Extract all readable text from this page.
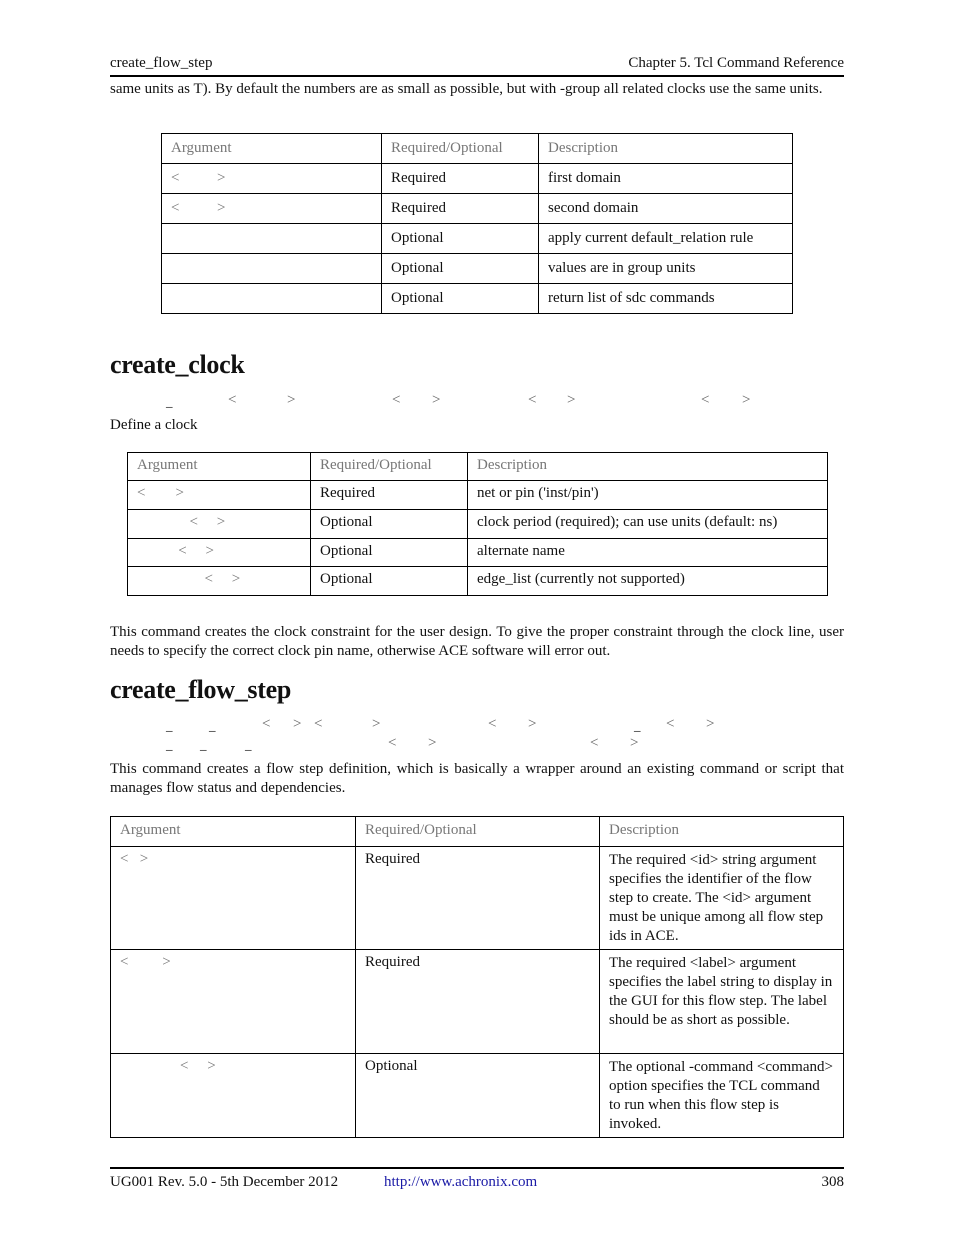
create_flow_step	Chapter 5. Tcl Command Reference
same units as T). By default the numbers are as small as possible, but with -group all related clocks use the same units.
Argument	Required/Optional	Description
<          >	Required	first domain
<          >	Required	second domain
	Optional	apply current default_relation rule
	Optional	values are in group units
	Optional	return list of sdc commands
create_clock
_	<	>	< >	< >	< >
Define a clock
Argument	Required/Optional	Description
<        >	Required	net or pin ('inst/pin')
<     >	Optional	clock period (required); can use units (default: ns)
<     >	Optional	alternate name
<     >	Optional	edge_list (currently not supported)
This command creates the clock constraint for the user design. To give the proper constraint through the clock line, user needs to specify the correct clock pin name, otherwise ACE software will error out.
create_flow_step
_	_	< > <	>	< >	_ < >
_ _	_	< >	< >
This command creates a flow step definition, which is basically a wrapper around an existing command or script that manages flow status and dependencies.
Argument	Required/Optional	Description
<   >	Required	The required <id> string argument specifies the identifier of the flow step to create. The <id> argument must be unique among all flow step ids in ACE.
<         >	Required	The required <label> argument specifies the label string to display in the GUI for this flow step. The label should be as short as possible.
<     >	Optional	The optional -command <command> option specifies the TCL command to run when this flow step is invoked.
UG001 Rev. 5.0 - 5th December 2012	http://www.achronix.com	308
